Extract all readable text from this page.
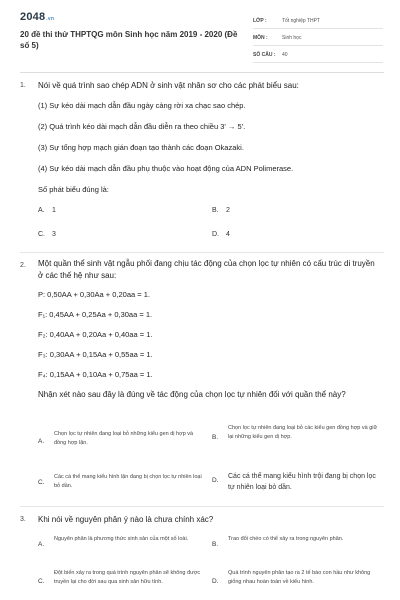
2048.vn
20 đề thi thử THPTQG môn Sinh học năm 2019 - 2020 (Đề số 5)
LỚP :	Tốt nghiệp THPT
MÔN :	Sinh học
SỐ CÂU :	40
1. Nói về quá trình sao chép ADN ở sinh vật nhân sơ cho các phát biểu sau:
(1) Sự kéo dài mạch dẫn đầu ngày càng rời xa chạc sao chép.
(2) Quá trình kéo dài mạch dẫn đầu diễn ra theo chiều 3' → 5'.
(3) Sự tổng hợp mạch gián đoạn tạo thành các đoạn Okazaki.
(4) Sự kéo dài mạch dẫn đầu phụ thuộc vào hoạt động của ADN Polimerase.
Số phát biểu đúng là:
A. 1	B. 2
C. 3	D. 4
2. Một quần thể sinh vật ngẫu phối đang chịu tác động của chọn lọc tự nhiên có cấu trúc di truyền ở các thế hệ như sau:
P: 0,50AA + 0,30Aa + 0,20aa = 1.
F₁: 0,45AA + 0,25Aa + 0,30aa = 1.
F₂: 0,40AA + 0,20Aa + 0,40aa = 1.
F₃: 0,30AA + 0,15Aa + 0,55aa = 1.
F₄: 0,15AA + 0,10Aa + 0,75aa = 1.
Nhận xét nào sau đây là đúng về tác động của chọn lọc tự nhiên đối với quần thể này?
A.
Chọn lọc tự nhiên đang loại bỏ những kiểu gen dị hợp và đồng hợp lặn.
B.
Chọn lọc tự nhiên đang loại bỏ các kiểu gen đồng hợp và giữ lại những kiểu gen dị hợp.
C.
Các cá thể mang kiểu hình lặn đang bị chọn lọc tự nhiên loại bỏ dần.
D.
Các cá thể mang kiểu hình trội đang bị chọn lọc tự nhiên loại bỏ dần.
3. Khi nói về nguyên phân ý nào là chưa chính xác?
A.
Nguyên phân là phương thức sinh sản của một số loài.
B.
Trao đổi chéo có thể xảy ra trong nguyên phân.
C.
Đột biến xảy ra trong quá trình nguyên phân sẽ không được truyền lại cho đời sau qua sinh sản hữu tính.	D.
Quá trình nguyên phân tạo ra 2 tế bào con hầu như không giống nhau hoàn toàn về kiểu hình.
